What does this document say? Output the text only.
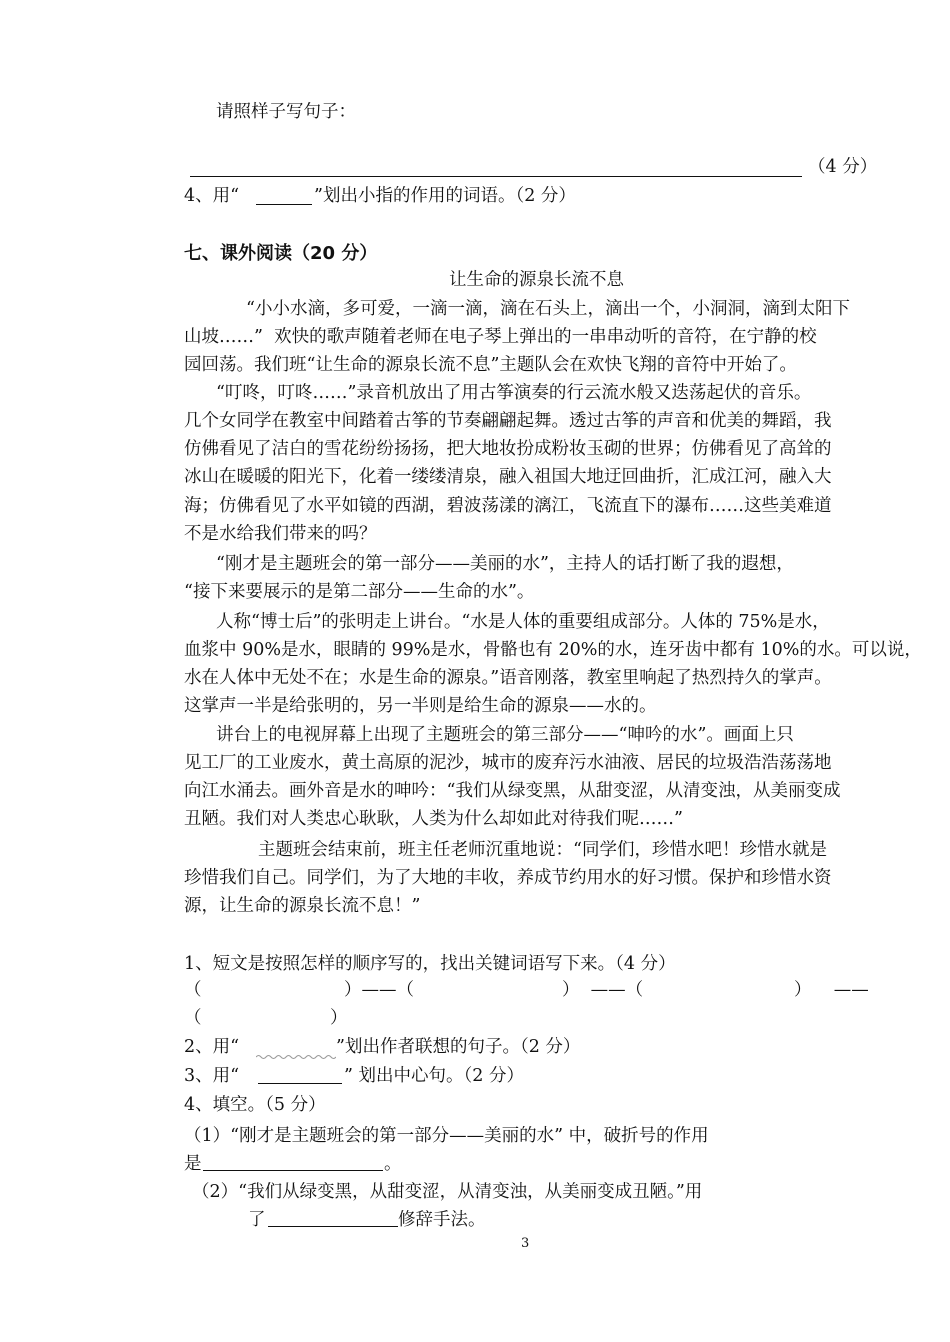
请照样子写句子：
（4 分）
4、用“	”划出小指的作用的词语。（2 分）
七、课外阅读（20 分）
让生命的源泉长流不息
“小小水滴，多可爱，一滴一滴，滴在石头上，滴出一个，小洞洞，滴到太阳下
山坡……”  欢快的歌声随着老师在电子琴上弹出的一串串动听的音符，在宁静的校
园回荡。我们班“让生命的源泉长流不息”主题队会在欢快飞翔的音符中开始了。
“叮咚，叮咚……”录音机放出了用古筝演奏的行云流水般又迭荡起伏的音乐。
几个女同学在教室中间踏着古筝的节奏翩翩起舞。透过古筝的声音和优美的舞蹈，我
仿佛看见了洁白的雪花纷纷扬扬，把大地妆扮成粉妆玉砌的世界；仿佛看见了高耸的
冰山在暖暖的阳光下，化着一缕缕清泉，融入祖国大地迂回曲折，汇成江河，融入大
海；仿佛看见了水平如镜的西湖，碧波荡漾的漓江，飞流直下的瀑布……这些美难道
不是水给我们带来的吗？
“刚才是主题班会的第一部分——美丽的水”，主持人的话打断了我的遐想，
“接下来要展示的是第二部分——生命的水”。
人称“博士后”的张明走上讲台。“水是人体的重要组成部分。人体的 75%是水，
血浆中 90%是水，眼睛的 99%是水，骨骼也有 20%的水，连牙齿中都有 10%的水。可以说，
水在人体中无处不在；水是生命的源泉。”语音刚落，教室里响起了热烈持久的掌声。
这掌声一半是给张明的，另一半则是给生命的源泉——水的。
讲台上的电视屏幕上出现了主题班会的第三部分——“呻吟的水”。画面上只
见工厂的工业废水，黄土高原的泥沙，城市的废弃污水油液、居民的垃圾浩浩荡荡地
向江水涌去。画外音是水的呻吟：“我们从绿变黑，从甜变涩，从清变浊，从美丽变成
丑陋。我们对人类忠心耿耿，人类为什么却如此对待我们呢……”
主题班会结束前，班主任老师沉重地说：“同学们，珍惜水吧！珍惜水就是
珍惜我们自己。同学们，为了大地的丰收，养成节约用水的好习惯。保护和珍惜水资
源，让生命的源泉长流不息！”
1、短文是按照怎样的顺序写的，找出关键词语写下来。（4 分）
（	）——（	）  ——（	）    ——
（	）
2、用“	”划出作者联想的句子。（2 分）
3、用“	” 划出中心句。（2 分）
4、填空。（5 分）
（1）“刚才是主题班会的第一部分——美丽的水” 中，破折号的作用
是	。
（2）“我们从绿变黑，从甜变涩，从清变浊，从美丽变成丑陋。”用
了	修辞手法。
3
